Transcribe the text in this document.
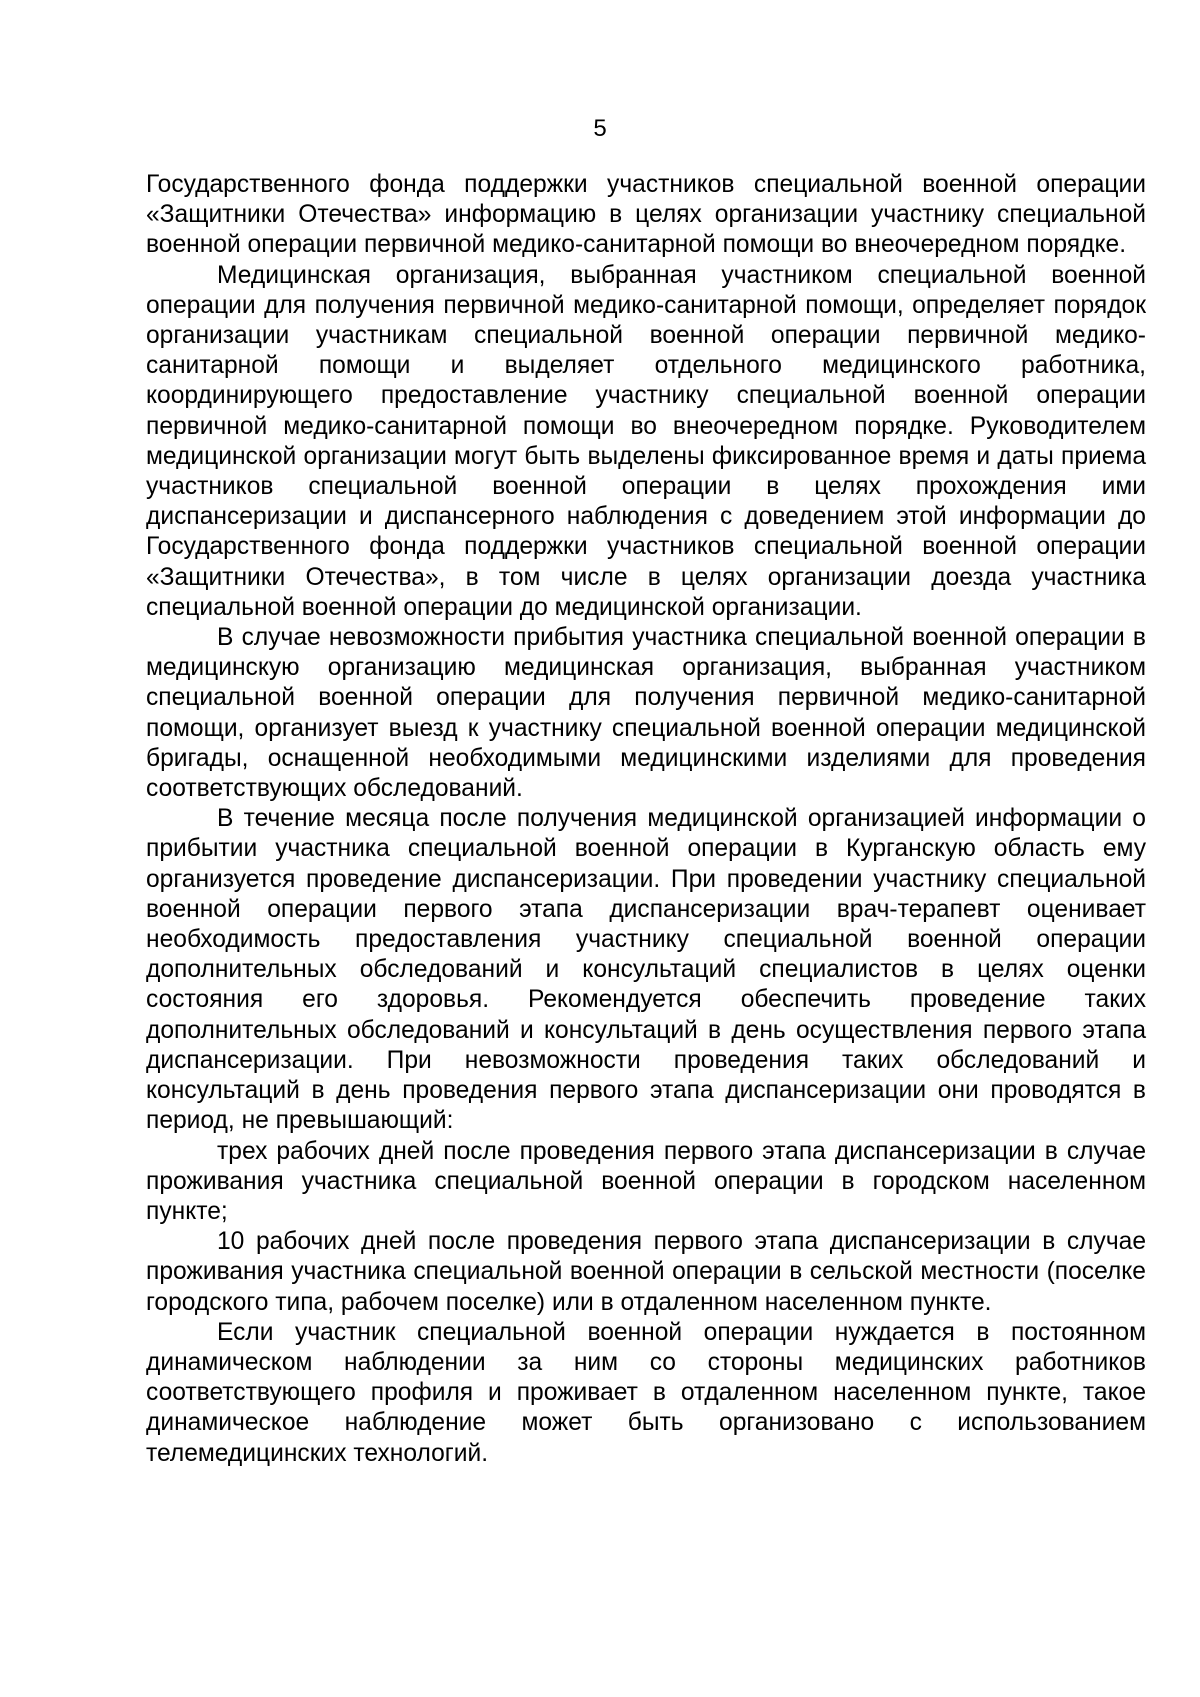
5

Государственного фонда поддержки участников специальной военной операции «Защитники Отечества» информацию в целях организации участнику специальной военной операции первичной медико-санитарной помощи во внеочередном порядке.

Медицинская организация, выбранная участником специальной военной операции для получения первичной медико-санитарной помощи, определяет порядок организации участникам специальной военной операции первичной медико-санитарной помощи и выделяет отдельного медицинского работника, координирующего предоставление участнику специальной военной операции первичной медико-санитарной помощи во внеочередном порядке. Руководителем медицинской организации могут быть выделены фиксированное время и даты приема участников специальной военной операции в целях прохождения ими диспансеризации и диспансерного наблюдения с доведением этой информации до Государственного фонда поддержки участников специальной военной операции «Защитники Отечества», в том числе в целях организации доезда участника специальной военной операции до медицинской организации.

В случае невозможности прибытия участника специальной военной операции в медицинскую организацию медицинская организация, выбранная участником специальной военной операции для получения первичной медико-санитарной помощи, организует выезд к участнику специальной военной операции медицинской бригады, оснащенной необходимыми медицинскими изделиями для проведения соответствующих обследований.

В течение месяца после получения медицинской организацией информации о прибытии участника специальной военной операции в Курганскую область ему организуется проведение диспансеризации. При проведении участнику специальной военной операции первого этапа диспансеризации врач-терапевт оценивает необходимость предоставления участнику специальной военной операции дополнительных обследований и консультаций специалистов в целях оценки состояния его здоровья. Рекомендуется обеспечить проведение таких дополнительных обследований и консультаций в день осуществления первого этапа диспансеризации. При невозможности проведения таких обследований и консультаций в день проведения первого этапа диспансеризации они проводятся в период, не превышающий:

трех рабочих дней после проведения первого этапа диспансеризации в случае проживания участника специальной военной операции в городском населенном пункте;

10 рабочих дней после проведения первого этапа диспансеризации в случае проживания участника специальной военной операции в сельской местности (поселке городского типа, рабочем поселке) или в отдаленном населенном пункте.

Если участник специальной военной операции нуждается в постоянном динамическом наблюдении за ним со стороны медицинских работников соответствующего профиля и проживает в отдаленном населенном пункте, такое динамическое наблюдение может быть организовано с использованием телемедицинских технологий.
